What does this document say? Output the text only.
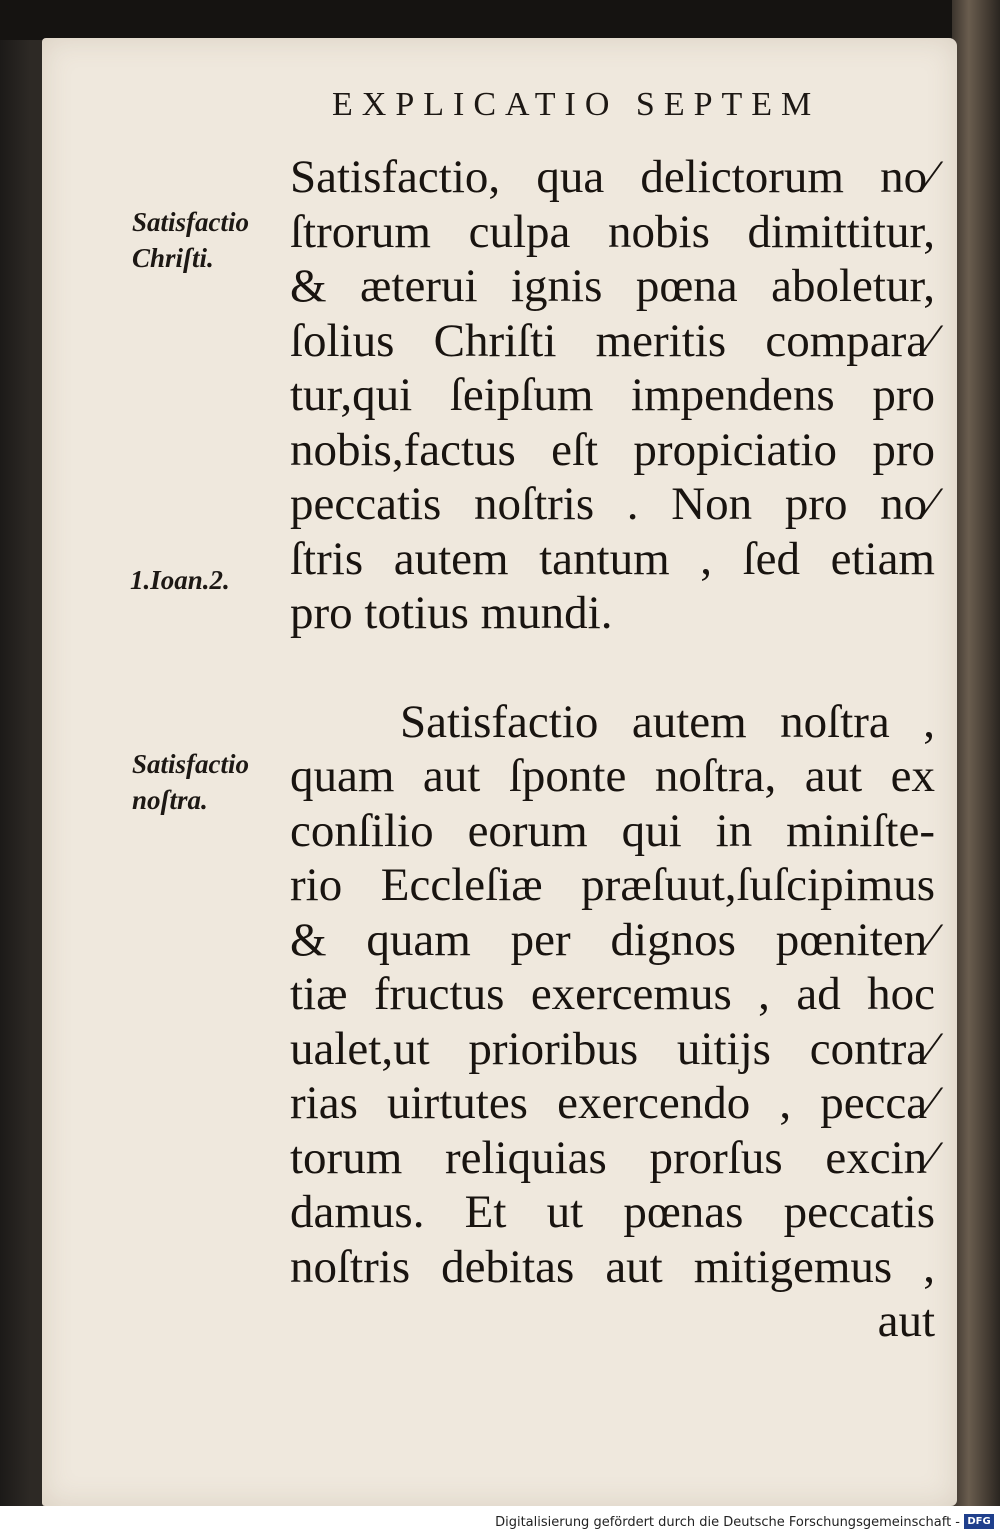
EXPLICATIO SEPTEM
Satisfactio
Chriſti.
1.Ioan.2.
Satisfactio
noſtra.
Satisfactio, qua delictorum no⁄
ſtrorum culpa nobis dimittitur,
& æterui ignis pœna aboletur,
ſolius Chriſti meritis compara⁄
tur,qui ſeipſum impendens pro
nobis,factus eſt propiciatio pro
peccatis noſtris . Non pro no⁄
ſtris autem tantum , ſed etiam
pro totius mundi.
Satisfactio autem noſtra ,
quam aut ſponte noſtra, aut ex
conſilio eorum qui in miniſte-
rio Eccleſiæ præſuut,ſuſcipimus
& quam per dignos pœniten⁄
tiæ fructus exercemus , ad hoc
ualet,ut prioribus uitijs contra⁄
rias uirtutes exercendo , pecca⁄
torum reliquias prorſus excin⁄
damus. Et ut pœnas peccatis
noſtris debitas aut mitigemus ,
aut
Digitalisierung gefördert durch die Deutsche Forschungsgemeinschaft - DFG
